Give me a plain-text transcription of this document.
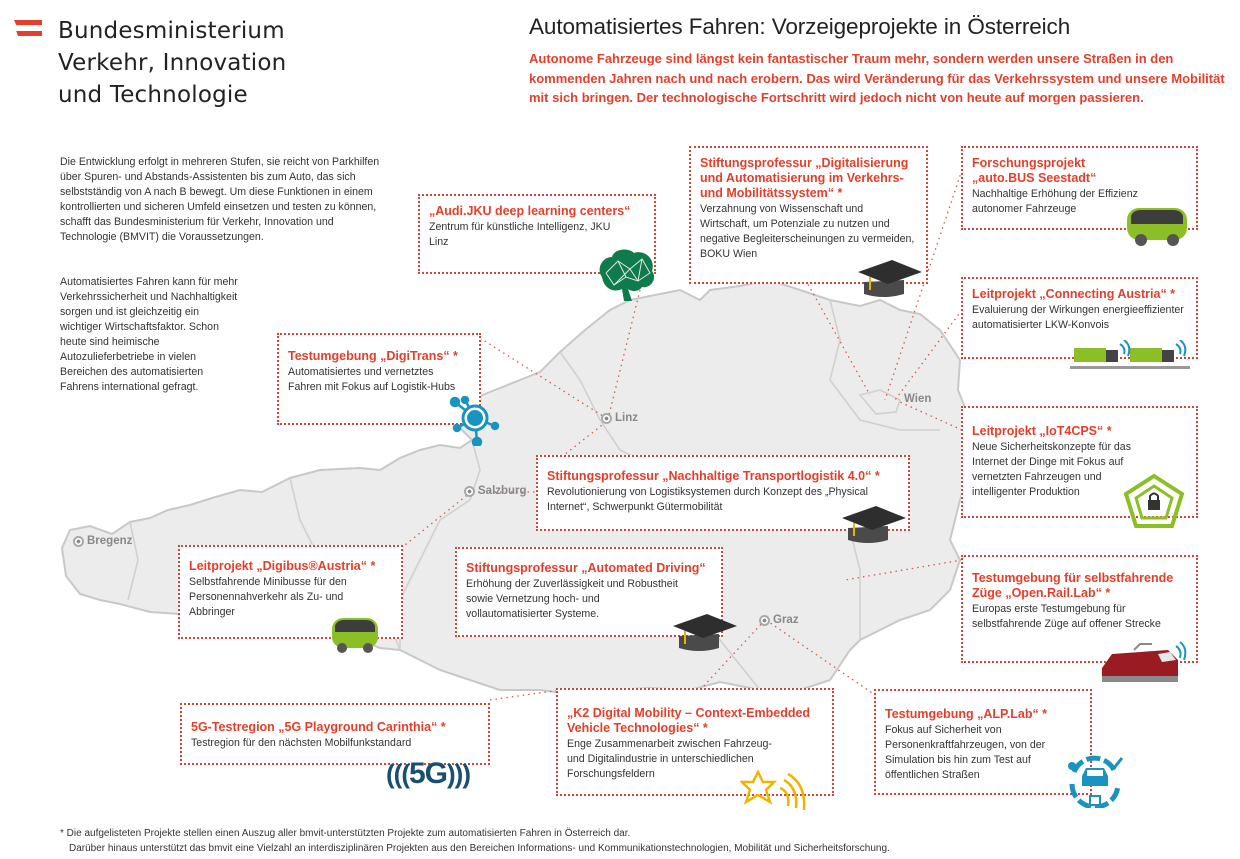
Bundesministerium
Verkehr, Innovation
und Technologie
Automatisiertes Fahren: Vorzeigeprojekte in Österreich
Autonome Fahrzeuge sind längst kein fantastischer Traum mehr, sondern werden unsere Straßen in den kommenden Jahren nach und nach erobern. Das wird Veränderung für das Verkehrssystem und unsere Mobilität mit sich bringen. Der technologische Fortschritt wird jedoch nicht von heute auf morgen passieren.
Die Entwicklung erfolgt in mehreren Stufen, sie reicht von Parkhilfen über Spuren- und Abstands-Assistenten bis zum Auto, das sich selbstständig von A nach B bewegt. Um diese Funktionen in einem kontrollierten und sicheren Umfeld einsetzen und testen zu können, schafft das Bundesministerium für Verkehr, Innovation und Technologie (BMVIT) die Voraussetzungen.
Automatisiertes Fahren kann für mehr Verkehrssicherheit und Nachhaltigkeit sorgen und ist gleichzeitig ein wichtiger Wirtschaftsfaktor. Schon heute sind heimische Autozulieferbetriebe in vielen Bereichen des automatisierten Fahrens international gefragt.
Wien
Linz
Salzburg
Bregenz
Graz
„Audi.JKU deep learning centers“
Zentrum für künstliche Intelligenz, JKU Linz
Stiftungsprofessur „Digitalisierung und Automatisierung im Verkehrs- und Mobilitätssystem“ *
Verzahnung von Wissenschaft und Wirtschaft, um Potenziale zu nutzen und negative Begleiterscheinungen zu vermeiden, BOKU Wien
Forschungsprojekt „auto.BUS Seestadt“
Nachhaltige Erhöhung der Effizienz autonomer Fahrzeuge
Leitprojekt „Connecting Austria“ *
Evaluierung der Wirkungen energieeffizienter automatisierter LKW-Konvois
Testumgebung „DigiTrans“ *
Automatisiertes und vernetztes Fahren mit Fokus auf Logistik-Hubs
Leitprojekt „IoT4CPS“ *
Neue Sicherheitskonzepte für das Internet der Dinge mit Fokus auf vernetzten Fahrzeugen und intelligenter Produktion
Stiftungsprofessur „Nachhaltige Transportlogistik 4.0“ *
Revolutionierung von Logistiksystemen durch Konzept des „Physical Internet“, Schwerpunkt Gütermobilität
Leitprojekt „Digibus®Austria“ *
Selbstfahrende Minibusse für den Personennahverkehr als Zu- und Abbringer
Stiftungsprofessur „Automated Driving“
Erhöhung der Zuverlässigkeit und Robustheit sowie Vernetzung hoch- und vollautomatisierter Systeme.
Testumgebung für selbstfahrende Züge „Open.Rail.Lab“ *
Europas erste Testumgebung für selbstfahrende Züge auf offener Strecke
5G-Testregion „5G Playground Carinthia“ *
Testregion für den nächsten Mobilfunkstandard
„K2 Digital Mobility – Context-Embedded Vehicle Technologies“ *
Enge Zusammenarbeit zwischen Fahrzeug- und Digitalindustrie in unterschiedlichen Forschungsfeldern
Testumgebung „ALP.Lab“ *
Fokus auf Sicherheit von Personenkraftfahrzeugen, von der Simulation bis hin zum Test auf öffentlichen Straßen
((( 5G )))
* Die aufgelisteten Projekte stellen einen Auszug aller bmvit-unterstützten Projekte zum automatisierten Fahren in Österreich dar.
Darüber hinaus unterstützt das bmvit eine Vielzahl an interdisziplinären Projekten aus den Bereichen Informations- und Kommunikationstechnologien, Mobilität und Sicherheitsforschung.
